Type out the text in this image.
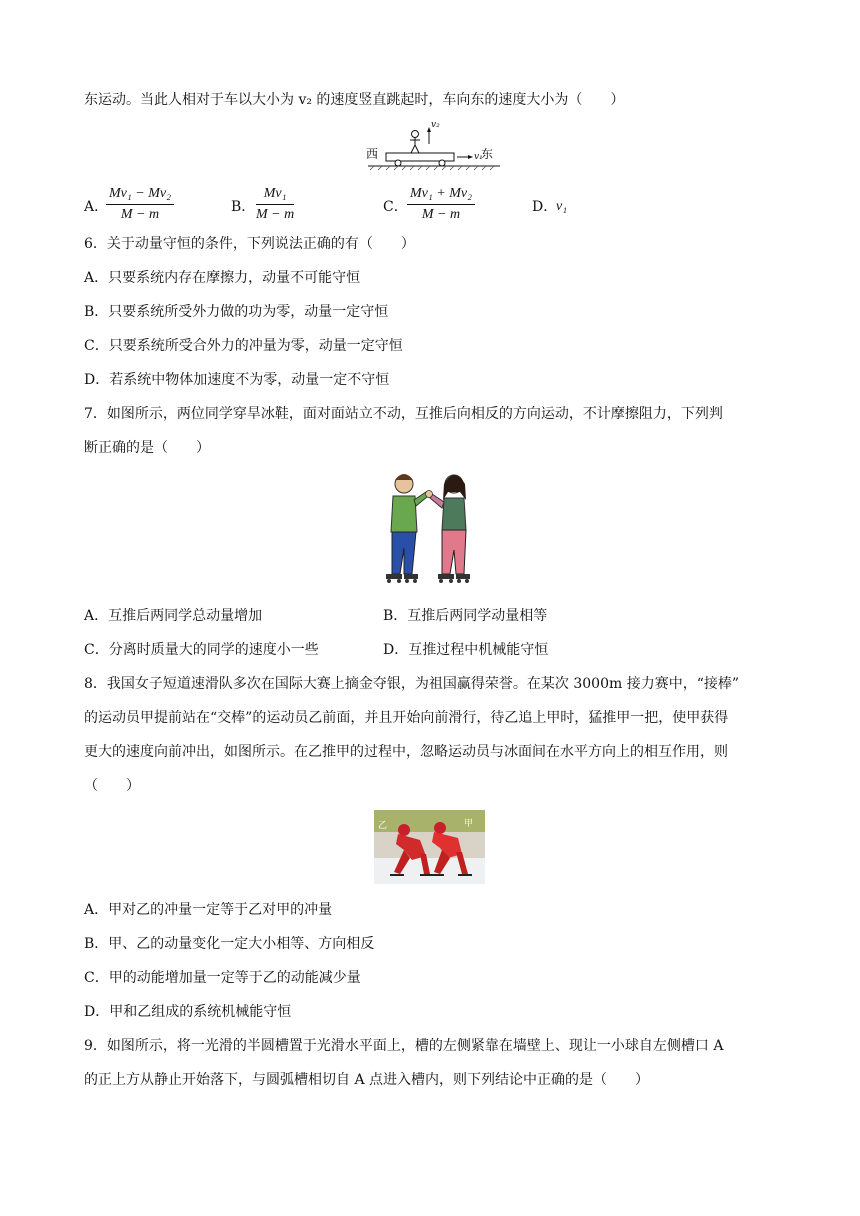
东运动。当此人相对于车以大小为 v₂ 的速度竖直跳起时，车向东的速度大小为（　　）
西	东
v₂
v₁
A．
$\frac{\text{Mv₁ − Mv₂}}{M - m}$	B． $\frac{\text{Mv₁}}{M - m}$	C． $\frac{\text{Mv₁ + Mv₂}}{M - m}$	D．
v₁
6．关于动量守恒的条件，下列说法正确的有（　　）
A．只要系统内存在摩擦力，动量不可能守恒
B．只要系统所受外力做的功为零，动量一定守恒
C．只要系统所受合外力的冲量为零，动量一定守恒
D．若系统中物体加速度不为零，动量一定不守恒
7．如图所示，两位同学穿旱冰鞋，面对面站立不动，互推后向相反的方向运动，不计摩擦阻力，下列判
断正确的是（　　）
A．互推后两同学总动量增加	B．互推后两同学动量相等
C．分离时质量大的同学的速度小一些	D．互推过程中机械能守恒
8．我国女子短道速滑队多次在国际大赛上摘金夺银，为祖国赢得荣誉。在某次 3000m 接力赛中，“接棒”
的运动员甲提前站在“交棒”的运动员乙前面，并且开始向前滑行，待乙追上甲时，猛推甲一把，使甲获得
更大的速度向前冲出，如图所示。在乙推甲的过程中，忽略运动员与冰面间在水平方向上的相互作用，则
（　　）
乙	甲
A．甲对乙的冲量一定等于乙对甲的冲量
B．甲、乙的动量变化一定大小相等、方向相反
C．甲的动能增加量一定等于乙的动能减少量
D．甲和乙组成的系统机械能守恒
9．如图所示，将一光滑的半圆槽置于光滑水平面上，槽的左侧紧靠在墙壁上、现让一小球自左侧槽口 A
的正上方从静止开始落下，与圆弧槽相切自 A 点进入槽内，则下列结论中正确的是（　　）
